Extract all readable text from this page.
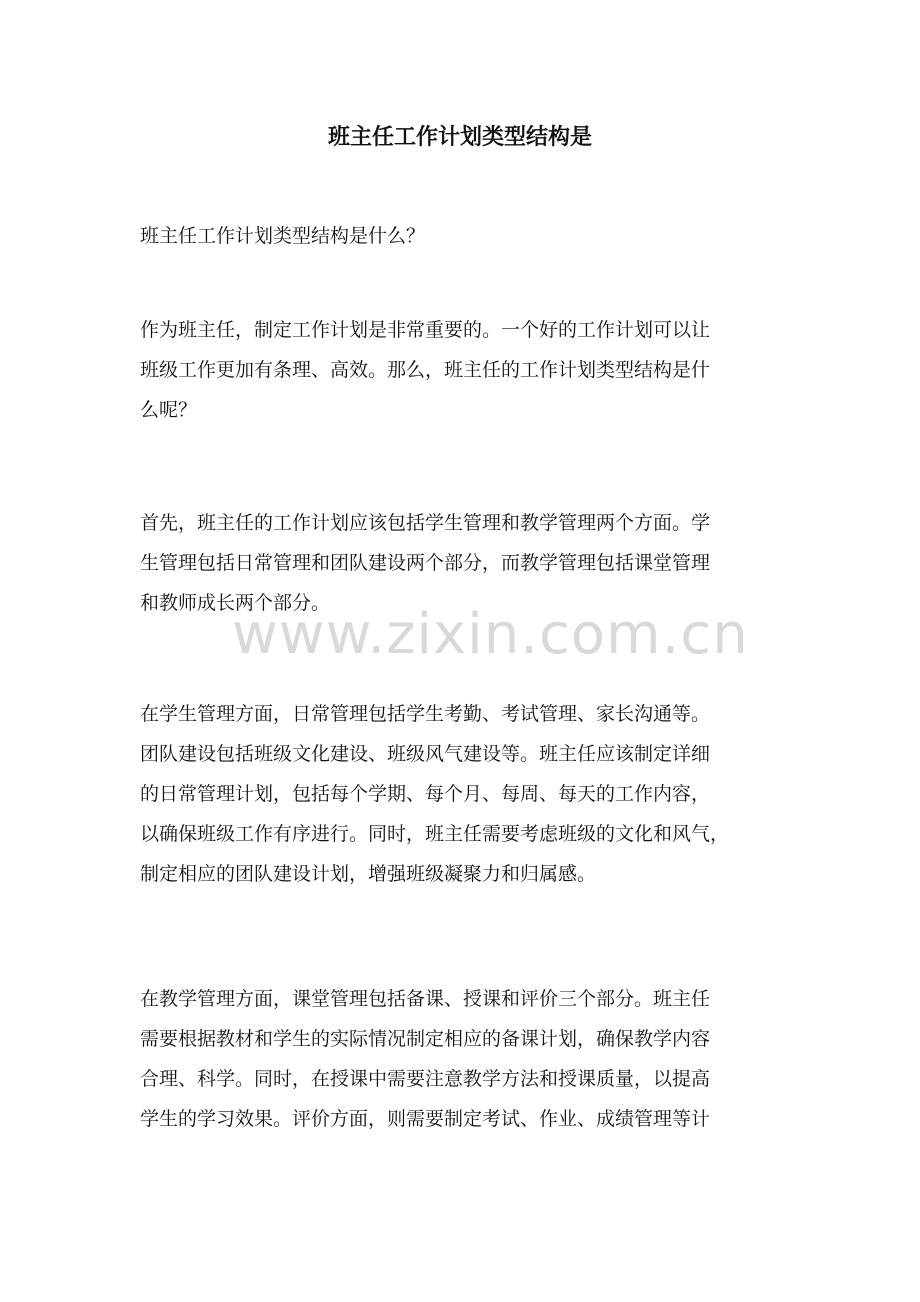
班主任工作计划类型结构是

班主任工作计划类型结构是什么？

作为班主任，制定工作计划是非常重要的。一个好的工作计划可以让
班级工作更加有条理、高效。那么，班主任的工作计划类型结构是什
么呢？

首先，班主任的工作计划应该包括学生管理和教学管理两个方面。学
生管理包括日常管理和团队建设两个部分，而教学管理包括课堂管理
和教师成长两个部分。

在学生管理方面，日常管理包括学生考勤、考试管理、家长沟通等。
团队建设包括班级文化建设、班级风气建设等。班主任应该制定详细
的日常管理计划，包括每个学期、每个月、每周、每天的工作内容，
以确保班级工作有序进行。同时，班主任需要考虑班级的文化和风气，
制定相应的团队建设计划，增强班级凝聚力和归属感。

在教学管理方面，课堂管理包括备课、授课和评价三个部分。班主任
需要根据教材和学生的实际情况制定相应的备课计划，确保教学内容
合理、科学。同时，在授课中需要注意教学方法和授课质量，以提高
学生的学习效果。评价方面，则需要制定考试、作业、成绩管理等计

www.zixin.com.cn
